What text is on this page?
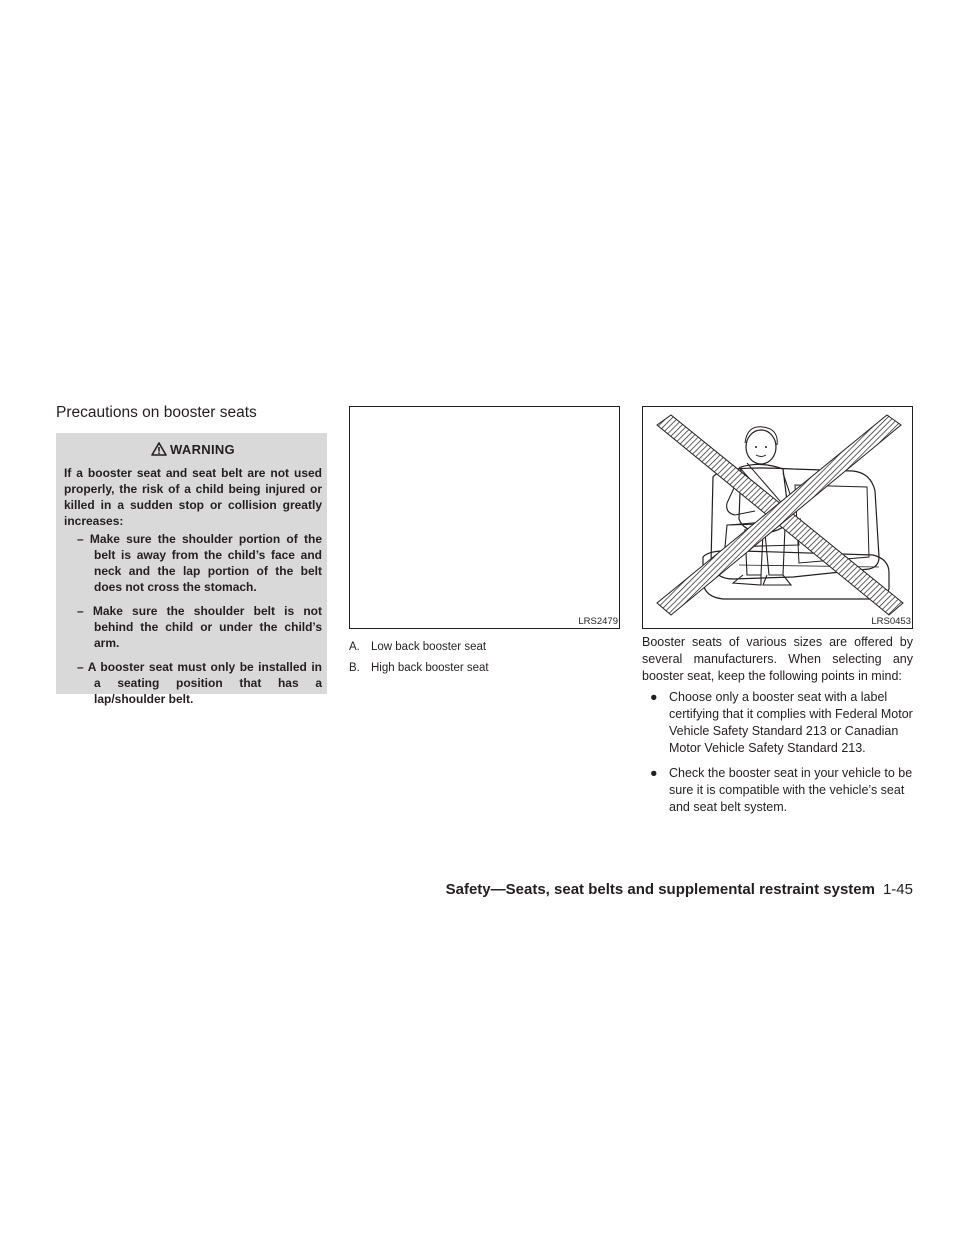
Precautions on booster seats
WARNING
If a booster seat and seat belt are not used properly, the risk of a child being injured or killed in a sudden stop or collision greatly increases:
– Make sure the shoulder portion of the belt is away from the child’s face and neck and the lap portion of the belt does not cross the stomach.
– Make sure the shoulder belt is not behind the child or under the child’s arm.
– A booster seat must only be installed in a seating position that has a lap/shoulder belt.
LRS2479
A. Low back booster seat
B. High back booster seat
LRS0453
Booster seats of various sizes are offered by several manufacturers. When selecting any booster seat, keep the following points in mind:
● Choose only a booster seat with a label certifying that it complies with Federal Motor Vehicle Safety Standard 213 or Canadian Motor Vehicle Safety Standard 213.
● Check the booster seat in your vehicle to be sure it is compatible with the vehicle’s seat and seat belt system.
Safety—Seats, seat belts and supplemental restraint system 1-45
